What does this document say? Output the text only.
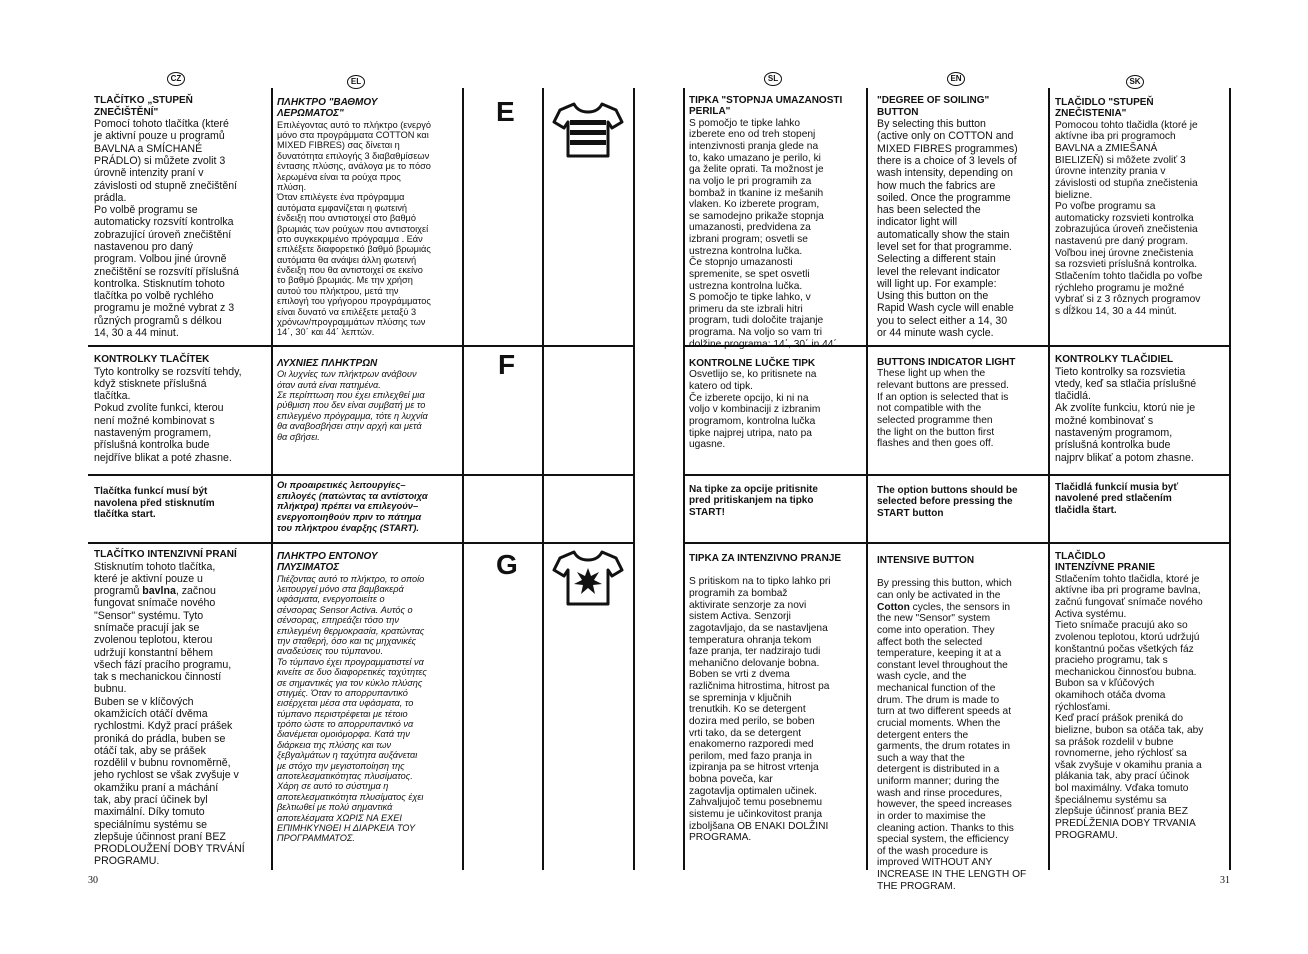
CZ	EL	SL	EN	SK
TLAČÍTKO „STUPEŇ
ZNEČIŠTĚNÍ"
Pomocí tohoto tlačítka (které
je aktivní pouze u programů
BAVLNA a SMÍCHANÉ
PRÁDLO) si můžete zvolit 3
úrovně intenzity praní v
závislosti od stupně znečištění
prádla.
Po volbě programu se
automaticky rozsvítí kontrolka
zobrazující úroveň znečištění
nastavenou pro daný
program. Volbou jiné úrovně
znečištění se rozsvítí příslušná
kontrolka. Stisknutím tohoto
tlačítka po volbě rychlého
programu je možné vybrat z 3
různých programů s délkou
14, 30 a 44 minut.
KONTROLKY TLAČÍTEK
Tyto kontrolky se rozsvítí tehdy,
když stisknete příslušná
tlačítka.
Pokud zvolíte funkci, kterou
není možné kombinovat s
nastaveným programem,
příslušná kontrolka bude
nejdříve blikat a poté zhasne.
Tlačítka funkcí musí být
navolena před stisknutím
tlačítka start.
TLAČÍTKO INTENZIVNÍ PRANÍ
Stisknutím tohoto tlačítka,
které je aktivní pouze u
programů bavlna, začnou
fungovat snímače nového
"Sensor" systému. Tyto
snímače pracují jak se
zvolenou teplotou, kterou
udržují konstantní během
všech fází pracího programu,
tak s mechanickou činností
bubnu.
Buben se v klíčových
okamžicích otáčí dvěma
rychlostmi. Když prací prášek
proniká do prádla, buben se
otáčí tak, aby se prášek
rozdělil v bubnu rovnoměrně,
jeho rychlost se však zvyšuje v
okamžiku praní a máchání
tak, aby prací účinek byl
maximální. Díky tomuto
speciálnímu systému se
zlepšuje účinnost praní BEZ
PRODLOUŽENÍ DOBY TRVÁNÍ
PROGRAMU.
ΠΛΗΚΤΡΟ "ΒΑΘΜΟΥ
ΛΕΡΩΜΑΤΟΣ"
Επιλέγοντας αυτό το πλήκτρο (ενεργό
μόνο στα προγράμματα COTTON και
MIXED FIBRES) σας δίνεται η
δυνατότητα επιλογής 3 διαβαθμίσεων
έντασης πλύσης, ανάλογα με το πόσο
λερωμένα είναι τα ρούχα προς
πλύση.
Όταν επιλέγετε ένα πρόγραμμα
αυτόματα εμφανίζεται η φωτεινή
ένδειξη που αντιστοιχεί στο βαθμό
βρωμιάς των ρούχων που αντιστοιχεί
στο συγκεκριμένο πρόγραμμα . Εάν
επιλέξετε διαφορετικό βαθμό βρωμιάς
αυτόματα θα ανάψει άλλη φωτεινή
ένδειξη που θα αντιστοιχεί σε εκείνο
το βαθμό βρωμιάς. Με την χρήση
αυτού του πλήκτρου, μετά την
επιλογή του γρήγορου προγράμματος
είναι δυνατό να επιλέξετε μεταξύ 3
χρόνων/προγραμμάτων πλύσης των
14΄, 30΄ και 44΄ λεπτών.
ΛΥΧΝΙΕΣ ΠΛΗΚΤΡΩΝ
Οι λυχνίες των πλήκτρων ανάβουν
όταν αυτά είναι πατημένα.
Σε περίπτωση που έχει επιλεχθεί μια
ρύθμιση που δεν είναι συμβατή με το
επιλεγμένο πρόγραμμα, τότε η λυχνία
θα αναβοσβήσει στην αρχή και μετά
θα σβήσει.
Οι προαιρετικές λειτουργίες–
επιλογές (πατώντας τα αντίστοιχα
πλήκτρα) πρέπει να επιλεγούν–
ενεργοποιηθούν πριν το πάτημα
του πλήκτρου έναρξης (START).
ΠΛΗΚΤΡΟ ΕΝΤΟΝΟΥ
ΠΛΥΣΙΜΑΤΟΣ
Πιέζοντας αυτό το πλήκτρο, το οποίο
λειτουργεί μόνο στα βαμβακερά
υφάσματα, ενεργοποιείτε ο
σένσορας Sensor Activa. Αυτός ο
σένσορας, επηρεάζει τόσο την
επιλεγμένη θερμοκρασία, κρατώντας
την σταθερή, όσο και τις μηχανικές
αναδεύσεις του τύμπανου.
Το τύμπανο έχει προγραμματιστεί να
κινείτε σε δυο διαφορετικές ταχύτητες
σε σημαντικές για τον κύκλο πλύσης
στιγμές. Όταν το απορρυπαντικό
εισέρχεται μέσα στα υφάσματα, το
τύμπανο περιστρέφεται με τέτοιο
τρόπο ώστε το απορρυπαντικό να
διανέμεται ομοιόμορφα. Κατά την
διάρκεια της πλύσης και των
ξεβγαλμάτων η ταχύτητα αυξάνεται
με στόχο την μεγιστοποίηση της
αποτελεσματικότητας πλυσίματος.
Χάρη σε αυτό το σύστημα η
αποτελεσματικότητα πλυσίματος έχει
βελτιωθεί με πολύ σημαντικά
αποτελέσματα ΧΩΡΙΣ ΝΑ ΕΧΕΙ
ΕΠΙΜΗΚΥΝΘΕΙ Η ΔΙΑΡΚΕΙΑ ΤΟΥ
ΠΡΟΓΡΑΜΜΑΤΟΣ.
E
F
G
30
TIPKA "STOPNJA UMAZANOSTI
PERILA"
S pomočjo te tipke lahko
izberete eno od treh stopenj
intenzivnosti pranja glede na
to, kako umazano je perilo, ki
ga želite oprati. Ta možnost je
na voljo le pri programih za
bombaž in tkanine iz mešanih
vlaken. Ko izberete program,
se samodejno prikaže stopnja
umazanosti, predvidena za
izbrani program; osvetli se
ustrezna kontrolna lučka.
Če stopnjo umazanosti
spremenite, se spet osvetli
ustrezna kontrolna lučka.
S pomočjo te tipke lahko, v
primeru da ste izbrali hitri
program, tudi določite trajanje
programa. Na voljo so vam tri
dolžine programa: 14΄, 30΄ in 44΄.
KONTROLNE LUČKE TIPK
Osvetlijo se, ko pritisnete na
katero od tipk.
Če izberete opcijo, ki ni na
voljo v kombinaciji z izbranim
programom, kontrolna lučka
tipke najprej utripa, nato pa
ugasne.
Na tipke za opcije pritisnite
pred pritiskanjem na tipko
START!
TIPKA ZA INTENZIVNO PRANJE
S pritiskom na to tipko lahko pri
programih za bombaž
aktivirate senzorje za novi
sistem Activa. Senzorji
zagotavljajo, da se nastavljena
temperatura ohranja tekom
faze pranja, ter nadzirajo tudi
mehanično delovanje bobna.
Boben se vrti z dvema
različnima hitrostima, hitrost pa
se spreminja v ključnih
trenutkih. Ko se detergent
dozira med perilo, se boben
vrti tako, da se detergent
enakomerno razporedi med
perilom, med fazo pranja in
izpiranja pa se hitrost vrtenja
bobna poveča, kar
zagotavlja optimalen učinek.
Zahvaljujoč temu posebnemu
sistemu je učinkovitost pranja
izboljšana OB ENAKI DOLŽINI
PROGRAMA.
"DEGREE OF SOILING"
BUTTON
By selecting this button
(active only on COTTON and
MIXED FIBRES programmes)
there is a choice of 3 levels of
wash intensity, depending on
how much the fabrics are
soiled. Once the programme
has been selected the
indicator light will
automatically show the stain
level set for that programme.
Selecting a different stain
level the relevant indicator
will light up. For example:
Using this button on the
Rapid Wash cycle will enable
you to select either a 14, 30
or 44 minute wash cycle.
BUTTONS INDICATOR LIGHT
These light up when the
relevant buttons are pressed.
If an option is selected that is
not compatible with the
selected programme then
the light on the button first
flashes and then goes off.
The option buttons should be
selected before pressing the
START button
INTENSIVE BUTTON
By pressing this button, which
can only be activated in the
Cotton cycles, the sensors in
the new "Sensor" system
come into operation. They
affect both the selected
temperature, keeping it at a
constant level throughout the
wash cycle, and the
mechanical function of the
drum. The drum is made to
turn at two different speeds at
crucial moments. When the
detergent enters the
garments, the drum rotates in
such a way that the
detergent is distributed in a
uniform manner; during the
wash and rinse procedures,
however, the speed increases
in order to maximise the
cleaning action. Thanks to this
special system, the efficiency
of the wash procedure is
improved WITHOUT ANY
INCREASE IN THE LENGTH OF
THE PROGRAM.
TLAČIDLO "STUPEŇ
ZNEČISTENIA"
Pomocou tohto tlačidla (ktoré je
aktívne iba pri programoch
BAVLNA a ZMIEŠANÁ
BIELIZEŇ) si môžete zvoliť 3
úrovne intenzity prania v
závislosti od stupňa znečistenia
bielizne.
Po voľbe programu sa
automaticky rozsvieti kontrolka
zobrazujúca úroveň znečistenia
nastavenú pre daný program.
Voľbou inej úrovne znečistenia
sa rozsvieti príslušná kontrolka.
Stlačením tohto tlačidla po voľbe
rýchleho programu je možné
vybrať si z 3 rôznych programov
s dĺžkou 14, 30 a 44 minút.
KONTROLKY TLAČIDIEL
Tieto kontrolky sa rozsvietia
vtedy, keď sa stlačia príslušné
tlačidlá.
Ak zvolíte funkciu, ktorú nie je
možné kombinovať s
nastaveným programom,
príslušná kontrolka bude
najprv blikať a potom zhasne.
Tlačidlá funkcií musia byť
navolené pred stlačením
tlačidla štart.
TLAČIDLO
INTENZÍVNE PRANIE
Stlačením tohto tlačidla, ktoré je
aktívne iba pri programe bavlna,
začnú fungovať snímače nového
Activa systému.
Tieto snímače pracujú ako so
zvolenou teplotou, ktorú udržujú
konštantnú počas všetkých fáz
pracieho programu, tak s
mechanickou činnosťou bubna.
Bubon sa v kľúčových
okamihoch otáča dvoma
rýchlosťami.
Keď prací prášok preniká do
bielizne, bubon sa otáča tak, aby
sa prášok rozdelil v bubne
rovnomerne, jeho rýchlosť sa
však zvyšuje v okamihu prania a
plákania tak, aby prací účinok
bol maximálny. Vďaka tomuto
špeciálnemu systému sa
zlepšuje účinnosť prania BEZ
PREDĹŽENIA DOBY TRVANIA
PROGRAMU.
31
